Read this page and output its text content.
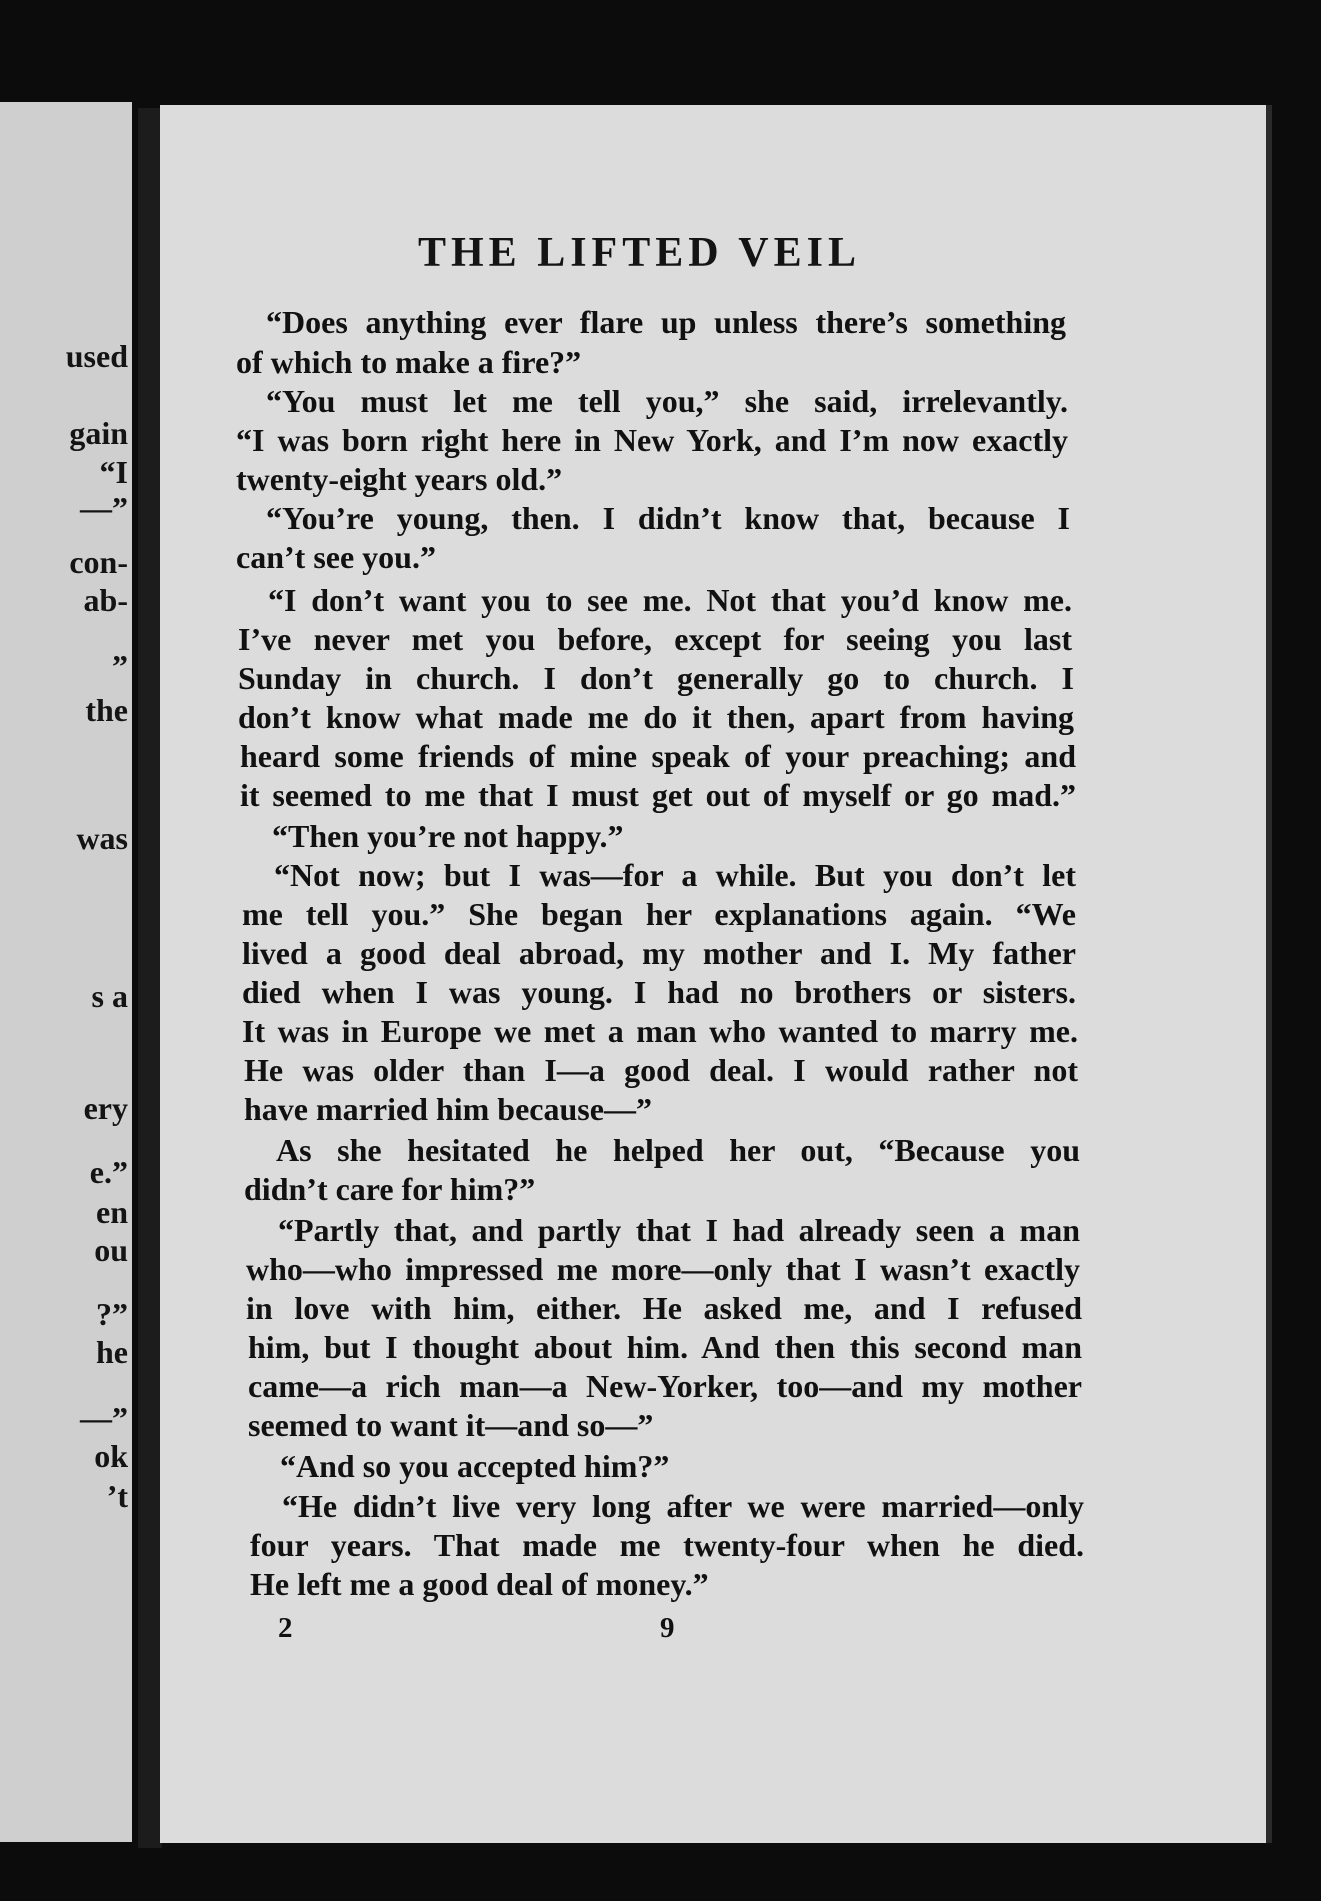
used
gain
“I
—”
con-
ab-
”
the
was
s a
ery
e.”
en
ou
?”
he
—”
ok
’t
THE LIFTED VEIL
“Does anything ever flare up unless there’s something
of which to make a fire?”
“You must let me tell you,” she said, irrelevantly.
“I was born right here in New York, and I’m now exactly
twenty-eight years old.”
“You’re young, then. I didn’t know that, because I
can’t see you.”
“I don’t want you to see me. Not that you’d know me.
I’ve never met you before, except for seeing you last
Sunday in church. I don’t generally go to church. I
don’t know what made me do it then, apart from having
heard some friends of mine speak of your preaching; and
it seemed to me that I must get out of myself or go mad.”
“Then you’re not happy.”
“Not now; but I was—for a while. But you don’t let
me tell you.” She began her explanations again. “We
lived a good deal abroad, my mother and I. My father
died when I was young. I had no brothers or sisters.
It was in Europe we met a man who wanted to marry me.
He was older than I—a good deal. I would rather not
have married him because—”
As she hesitated he helped her out, “Because you
didn’t care for him?”
“Partly that, and partly that I had already seen a man
who—who impressed me more—only that I wasn’t exactly
in love with him, either. He asked me, and I refused
him, but I thought about him. And then this second man
came—a rich man—a New-Yorker, too—and my mother
seemed to want it—and so—”
“And so you accepted him?”
“He didn’t live very long after we were married—only
four years. That made me twenty-four when he died.
He left me a good deal of money.”
2	9
